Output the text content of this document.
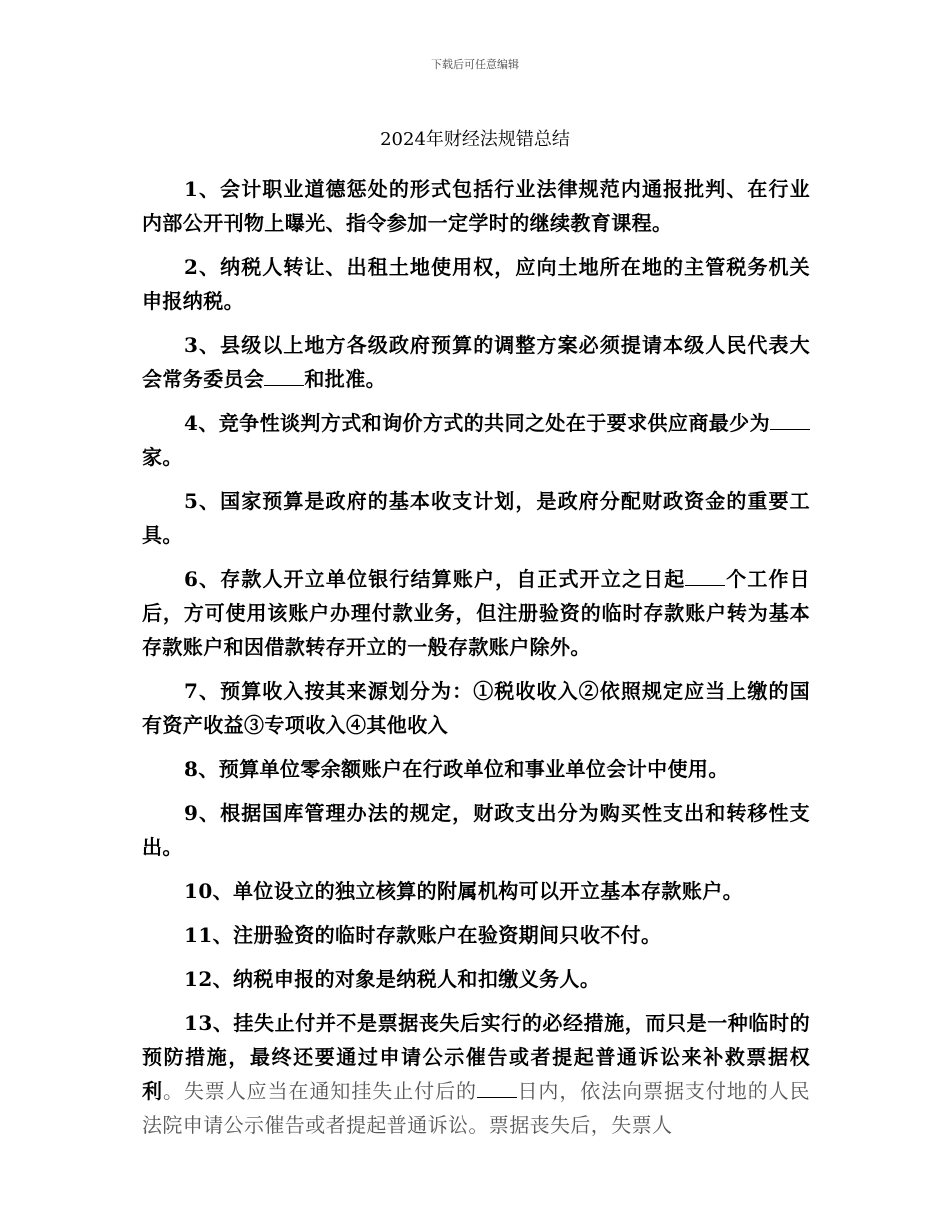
下载后可任意编辑
2024年财经法规错总结

1、会计职业道德惩处的形式包括行业法律规范内通报批判、在行业内部公开刊物上曝光、指令参加一定学时的继续教育课程。

2、纳税人转让、出租土地使用权，应向土地所在地的主管税务机关申报纳税。

3、县级以上地方各级政府预算的调整方案必须提请本级人民代表大会常务委员会 和批准。

4、竞争性谈判方式和询价方式的共同之处在于要求供应商最少为家。

5、国家预算是政府的基本收支计划，是政府分配财政资金的重要工具。

6、存款人开立单位银行结算账户，自正式开立之日起 个工作日后，方可使用该账户办理付款业务，但注册验资的临时存款账户转为基本存款账户和因借款转存开立的一般存款账户除外。

7、预算收入按其来源划分为：①税收收入②依照规定应当上缴的国有资产收益③专项收入④其他收入

8、预算单位零余额账户在行政单位和事业单位会计中使用。

9、根据国库管理办法的规定，财政支出分为购买性支出和转移性支出。

10、单位设立的独立核算的附属机构可以开立基本存款账户。

11、注册验资的临时存款账户在验资期间只收不付。

12、纳税申报的对象是纳税人和扣缴义务人。

13、挂失止付并不是票据丧失后实行的必经措施，而只是一种临时的预防措施，最终还要通过申请公示催告或者提起普通诉讼来补救票据权利。失票人应当在通知挂失止付后的 日内，依法向票据支付地的人民法院申请公示催告或者提起普通诉讼。票据丧失后，失票人
